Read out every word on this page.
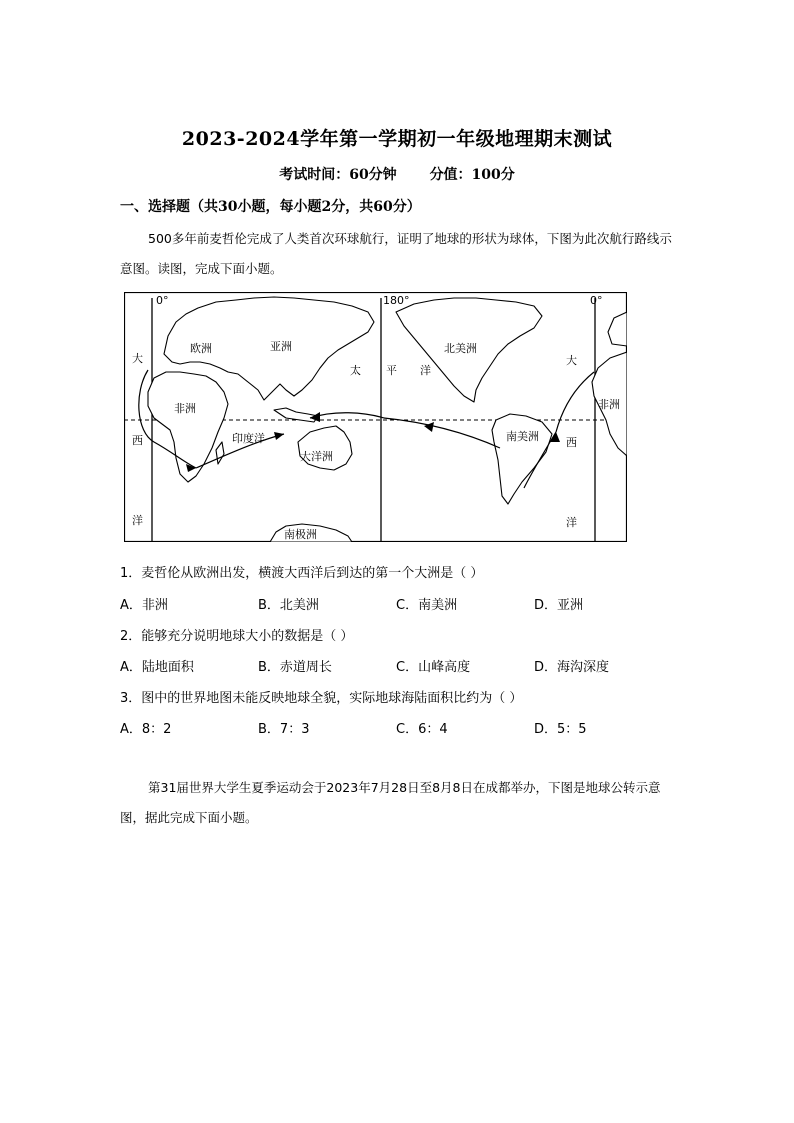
2023-2024学年第一学期初一年级地理期末测试
考试时间：60分钟 分值：100分
一、选择题（共30小题，每小题2分，共60分）
500多年前麦哲伦完成了人类首次环球航行，证明了地球的形状为球体，下图为此次航行路线示意图。读图，完成下面小题。
0°	180°	0°
欧洲	亚洲
非洲
印度洋
大洋洲
南极洲
北美洲
南美洲
非洲
太 平 洋
大
西
洋
大
西
洋
1．麦哲伦从欧洲出发，横渡大西洋后到达的第一个大洲是（ ）
A．非洲	B．北美洲	C．南美洲	D．亚洲
2．能够充分说明地球大小的数据是（ ）
A．陆地面积	B．赤道周长	C．山峰高度	D．海沟深度
3．图中的世界地图未能反映地球全貌，实际地球海陆面积比约为（ ）
A．8：2	B．7：3	C．6：4	D．5：5
第31届世界大学生夏季运动会于2023年7月28日至8月8日在成都举办，下图是地球公转示意图，据此完成下面小题。
